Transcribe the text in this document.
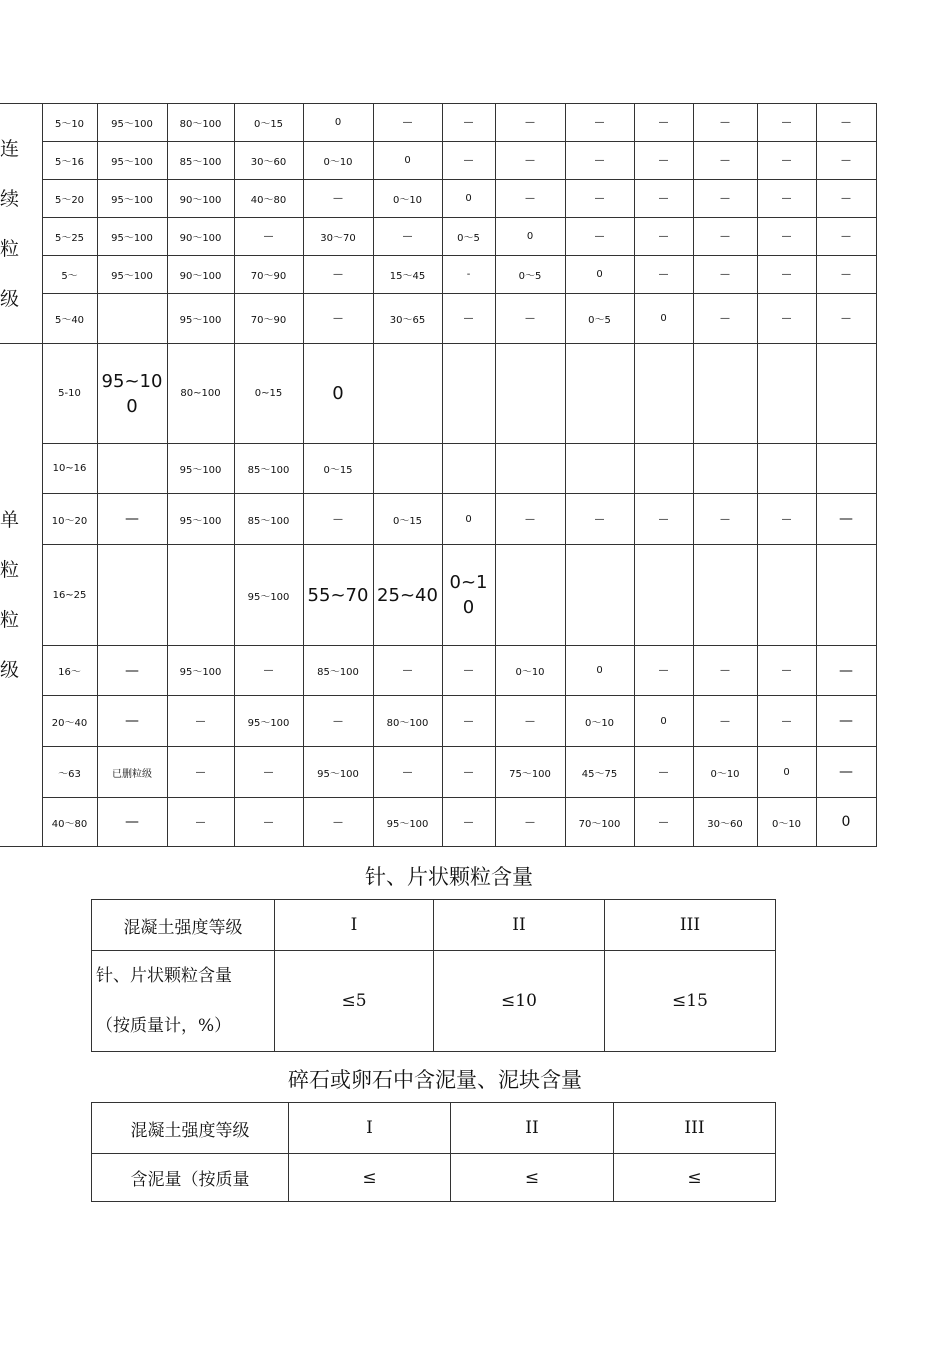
连
续
粒
级	5～10	95～100	80～100	0～15	0	—	—	—	—	—	—	—	—
	5～16	95～100	85～100	30～60	0～10	0	—	—	—	—	—	—	—
	5～20	95～100	90～100	40～80	—	0～10	0	—	—	—	—	—	—
	5～25	95～100	90～100	—	30～70	—	0～5	0	—	—	—	—	—
	5～	95～100	90～100	70～90	—	15～45	-	0～5	0	—	—	—	—
	5～40		95～100	70～90	—	30～65	—	—	0～5	0	—	—	—

单
粒
粒
级	5-10	95~100	80~100	0~15	0								
	10~16		95～100	85～100	0～15								
	10～20	—	95～100	85～100	—	0～15	0	—	—	—	—	—	—
	16~25			95～100	55~70	25~40	0~10						
	16～	—	95～100	—	85～100	—	—	0～10	0	—	—	—	—
	20～40	—	—	95～100	—	80～100	—	—	0～10	0	—	—	—
	～63	已删粒级	—	—	95～100	—	—	75～100	45～75	—	0～10	0	—
	40～80	—	—	—	—	95～100	—	—	70～100	—	30～60	0～10	0
针、片状颗粒含量
混凝土强度等级	I	II	III

针、片状颗粒含量
（按质量计，%）	≤5	≤10	≤15
碎石或卵石中含泥量、泥块含量
混凝土强度等级	I	II	III
含泥量（按质量	≤	≤	≤
